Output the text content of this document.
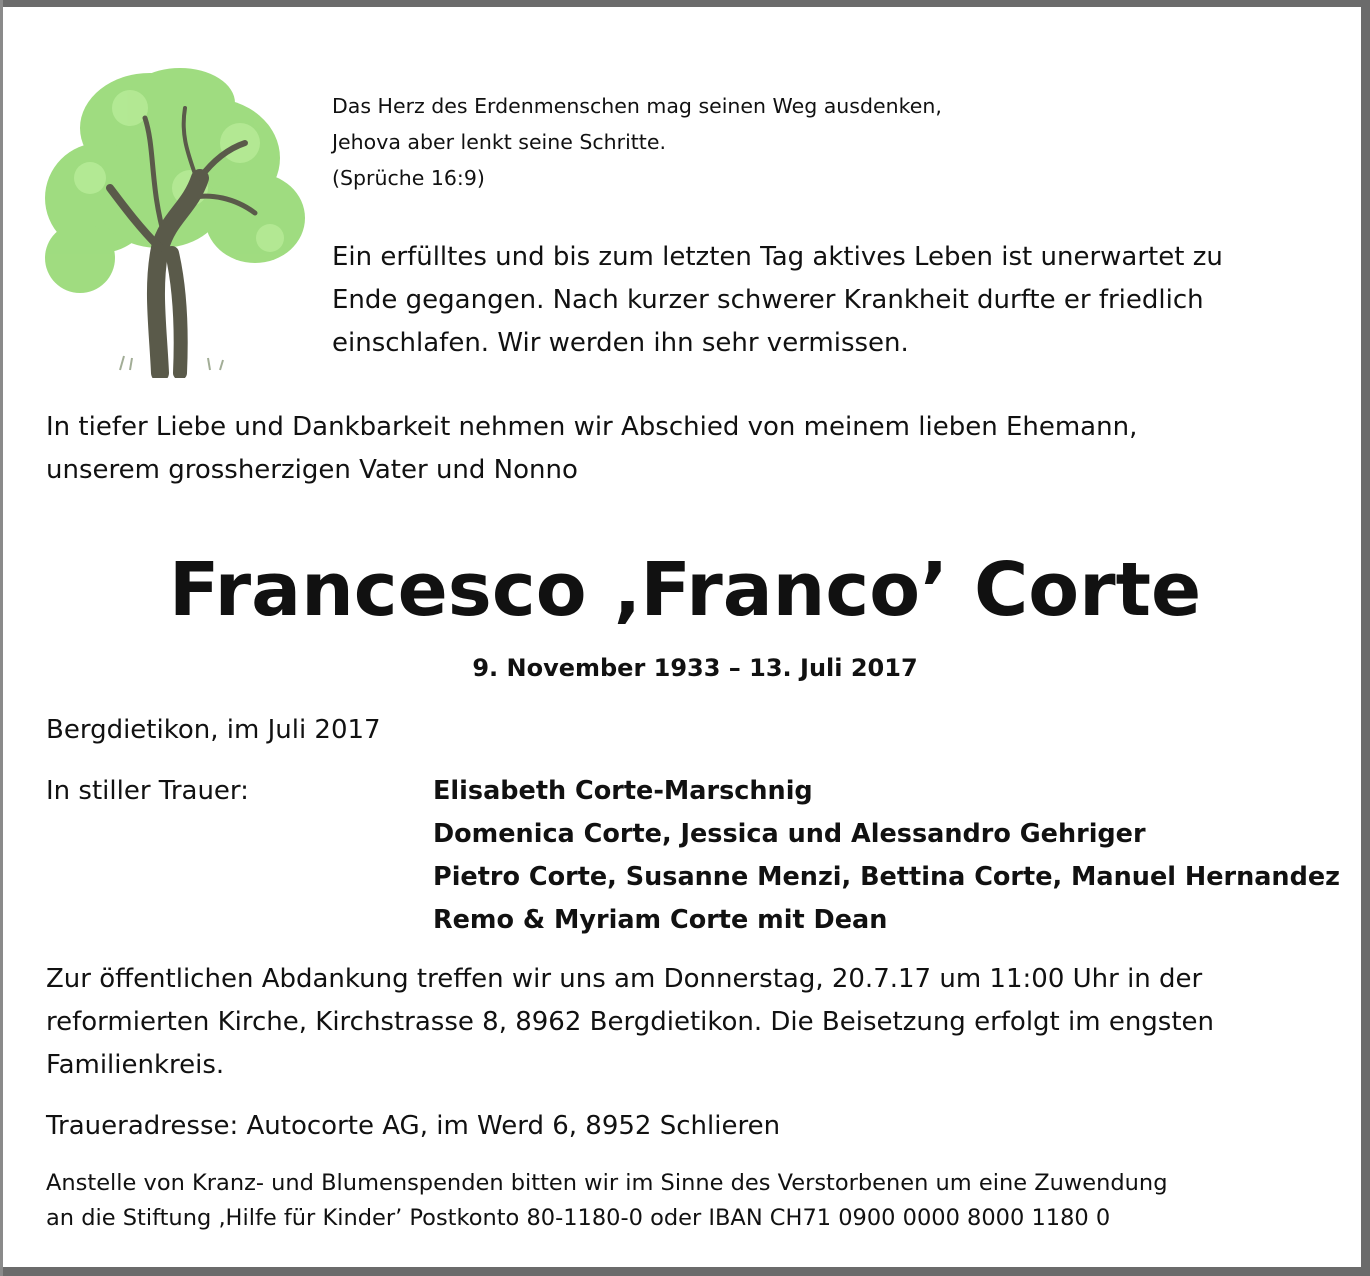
Das Herz des Erdenmenschen mag seinen Weg ausdenken,
Jehova aber lenkt seine Schritte.
(Sprüche 16:9)
Ein erfülltes und bis zum letzten Tag aktives Leben ist unerwartet zu
Ende gegangen. Nach kurzer schwerer Krankheit durfte er friedlich
einschlafen. Wir werden ihn sehr vermissen.
In tiefer Liebe und Dankbarkeit nehmen wir Abschied von meinem lieben Ehemann,
unserem grossherzigen Vater und Nonno
Francesco ‚Franco’ Corte
9. November 1933 – 13. Juli 2017
Bergdietikon, im Juli 2017
In stiller Trauer:	Elisabeth Corte-Marschnig
Domenica Corte, Jessica und Alessandro Gehriger
Pietro Corte, Susanne Menzi, Bettina Corte, Manuel Hernandez
Remo & Myriam Corte mit Dean
Zur öffentlichen Abdankung treffen wir uns am Donnerstag, 20.7.17 um 11:00 Uhr in der
reformierten Kirche, Kirchstrasse 8, 8962 Bergdietikon. Die Beisetzung erfolgt im engsten
Familienkreis.
Traueradresse: Autocorte AG, im Werd 6, 8952 Schlieren
Anstelle von Kranz- und Blumenspenden bitten wir im Sinne des Verstorbenen um eine Zuwendung
an die Stiftung ‚Hilfe für Kinder’ Postkonto 80-1180-0 oder IBAN CH71 0900 0000 8000 1180 0
